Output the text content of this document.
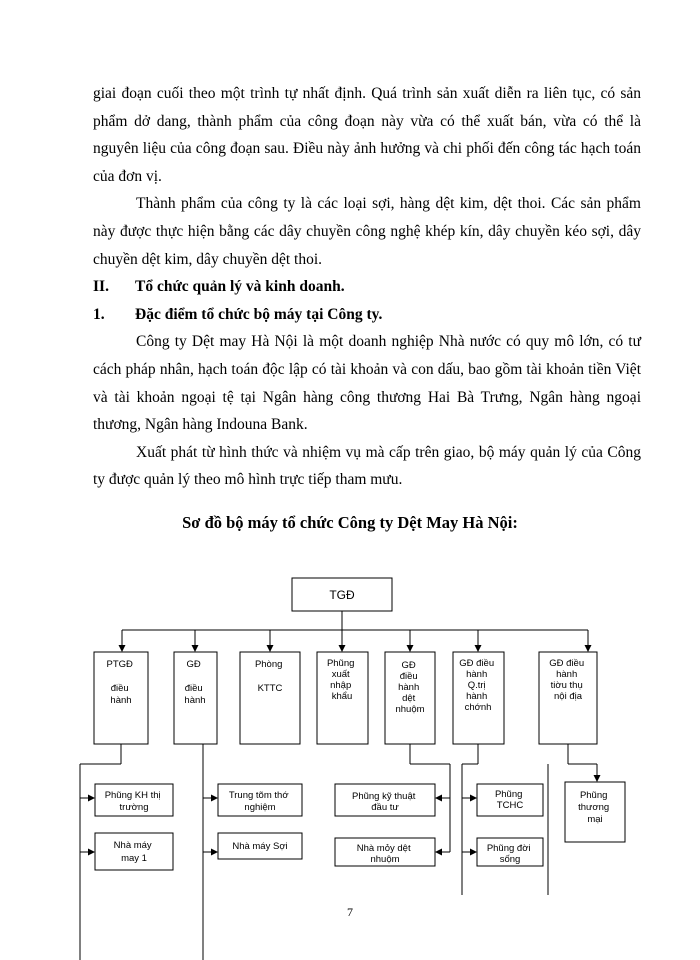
giai đoạn cuối theo một trình tự nhất định. Quá trình sản xuất diễn ra liên tục, có sản phẩm dở dang, thành phẩm của công đoạn này vừa có thể xuất bán, vừa có thể là nguyên liệu của công đoạn sau. Điều này ảnh hưởng và chi phối đến công tác hạch toán của đơn vị.

Thành phẩm của công ty là các loại sợi, hàng dệt kim, dệt thoi. Các sản phẩm này được thực hiện bằng các dây chuyền công nghệ khép kín, dây chuyền kéo sợi, dây chuyền dệt kim, dây chuyền dệt thoi.

II.	Tổ chức quản lý và kinh doanh.
1.	Đặc điểm tổ chức bộ máy tại Công ty.

Công ty Dệt may Hà Nội là một doanh nghiệp Nhà nước có quy mô lớn, có tư cách pháp nhân, hạch toán độc lập có tài khoản và con dấu, bao gồm tài khoản tiền Việt và tài khoản ngoại tệ tại Ngân hàng công thương Hai Bà Trưng, Ngân hàng ngoại thương, Ngân hàng Indouna Bank.

Xuất phát từ hình thức và nhiệm vụ mà cấp trên giao, bộ máy quản lý của Công ty được quản lý theo mô hình trực tiếp tham mưu.

Sơ đồ bộ máy tổ chức Công ty Dệt May Hà Nội:
TGĐ
PTGĐ điều hành
GĐ điều hành
Phòng KTTC
Phũng xuất nhập khẩu
GĐ điều hành dệt nhuộm
GĐ điều hành Q.trị hành chớnh
GĐ điều hành tiờu thụ nội địa
Phũng KH thị trường
Nhà máy may 1
Trung tõm thớ nghiệm
Nhà máy Sợi
Phũng kỹ thuật đầu tư
Nhà mỏy dệt nhuộm
Phũng TCHC
Phũng đời sống
Phũng thương mại
7
